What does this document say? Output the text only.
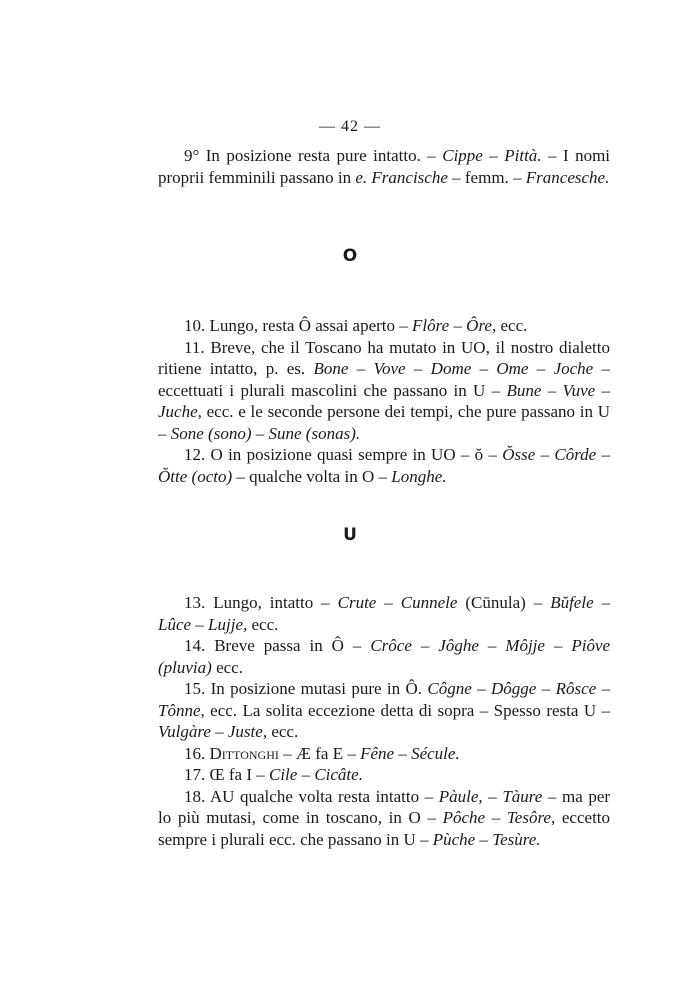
— 42 —

9° In posizione resta pure intatto. – Cippe – Pittà. – I nomi proprii femminili passano in e. Francische – femm. – Francesche.

O

10. Lungo, resta Ô assai aperto – Flôre – Ôre, ecc.

11. Breve, che il Toscano ha mutato in UO, il nostro dialetto ritiene intatto, p. es. Bone – Vove – Dome – Ome – Joche – eccettuati i plurali mascolini che passano in U – Bune – Vuve – Juche, ecc. e le seconde persone dei tempi, che pure passano in U – Sone (sono) – Sune (sonas).

12. O in posizione quasi sempre in UO – ŏ – Ŏsse – Côrde – Ŏtte (octo) – qualche volta in O – Longhe.

U

13. Lungo, intatto – Crute – Cunnele (Cūnula) – Bŭfele – Lûce – Lujje, ecc.

14. Breve passa in Ô – Crôce – Jôghe – Môjje – Piôve (pluvia) ecc.

15. In posizione mutasi pure in Ô. Côgne – Dôgge – Rôsce – Tônne, ecc. La solita eccezione detta di sopra – Spesso resta U – Vulgàre – Juste, ecc.

16. Dittonghi – Æ fa E – Fêne – Sécule.

17. Œ fa I – Cile – Cicâte.

18. AU qualche volta resta intatto – Pàule, – Tàure – ma per lo più mutasi, come in toscano, in O – Pôche – Tesôre, eccetto sempre i plurali ecc. che passano in U – Pùche – Tesùre.
